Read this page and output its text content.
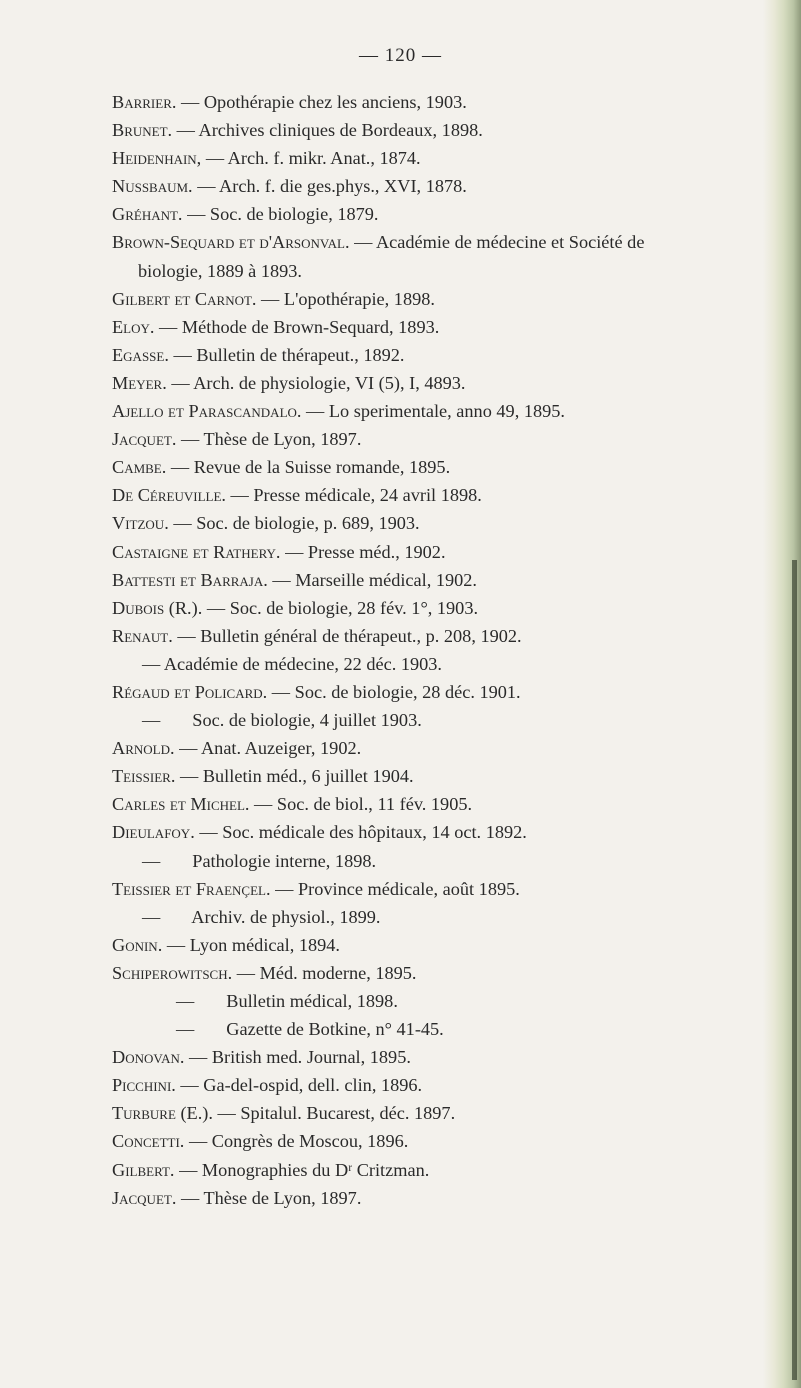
— 120 —
Barrier. — Opothérapie chez les anciens, 1903.
Brunet. — Archives cliniques de Bordeaux, 1898.
Heidenhain, — Arch. f. mikr. Anat., 1874.
Nussbaum. — Arch. f. die ges.phys., XVI, 1878.
Gréhant. — Soc. de biologie, 1879.
Brown-Sequard et d'Arsonval. — Académie de médecine et Société de
biologie, 1889 à 1893.
Gilbert et Carnot. — L'opothérapie, 1898.
Eloy. — Méthode de Brown-Sequard, 1893.
Egasse. — Bulletin de thérapeut., 1892.
Meyer. — Arch. de physiologie, VI (5), I, 4893.
Ajello et Parascandalo. — Lo sperimentale, anno 49, 1895.
Jacquet. — Thèse de Lyon, 1897.
Cambe. — Revue de la Suisse romande, 1895.
De Céreuville. — Presse médicale, 24 avril 1898.
Vitzou. — Soc. de biologie, p. 689, 1903.
Castaigne et Rathery. — Presse méd., 1902.
Battesti et Barraja. — Marseille médical, 1902.
Dubois (R.). — Soc. de biologie, 28 fév. 1°, 1903.
Renaut. — Bulletin général de thérapeut., p. 208, 1902.
— Académie de médecine, 22 déc. 1903.
Régaud et Policard. — Soc. de biologie, 28 déc. 1901.
—       Soc. de biologie, 4 juillet 1903.
Arnold. — Anat. Auzeiger, 1902.
Teissier. — Bulletin méd., 6 juillet 1904.
Carles et Michel. — Soc. de biol., 11 fév. 1905.
Dieulafoy. — Soc. médicale des hôpitaux, 14 oct. 1892.
—       Pathologie interne, 1898.
Teissier et Fraençel. — Province médicale, août 1895.
—       Archiv. de physiol., 1899.
Gonin. — Lyon médical, 1894.
Schiperowitsch. — Méd. moderne, 1895.
—       Bulletin médical, 1898.
—       Gazette de Botkine, n° 41-45.
Donovan. — British med. Journal, 1895.
Picchini. — Ga-del-ospid, dell. clin, 1896.
Turbure (E.). — Spitalul. Bucarest, déc. 1897.
Concetti. — Congrès de Moscou, 1896.
Gilbert. — Monographies du Dʳ Critzman.
Jacquet. — Thèse de Lyon, 1897.
